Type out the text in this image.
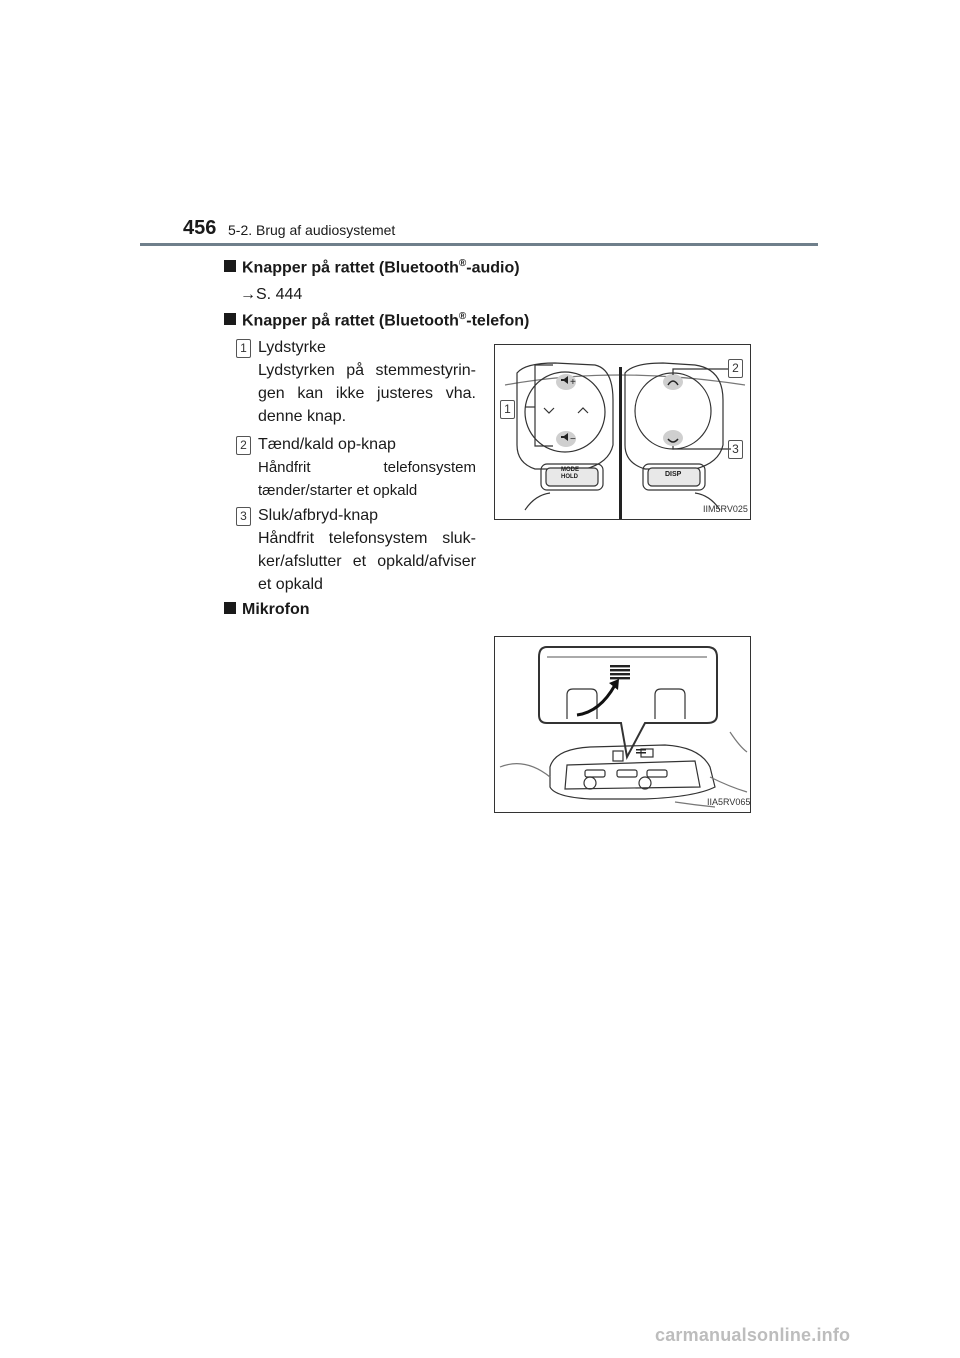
456 5-2. Brug af audiosystemet
Knapper på rattet (Bluetooth®-audio)
→S. 444
Knapper på rattet (Bluetooth®-telefon)
1 Lydstyrke
Lydstyrken på stemmestyrin-gen kan ikke justeres vha. denne knap.
2 Tænd/kald op-knap
Håndfrit telefonsystem tænder/starter et opkald
3 Sluk/afbryd-knap
Håndfrit telefonsystem sluk-ker/afslutter et opkald/afviser et opkald
+
−
1
2
3
MODE
HOLD	DISP
IIM5RV025
Mikrofon
IIA5RV065
carmanualsonline.info
